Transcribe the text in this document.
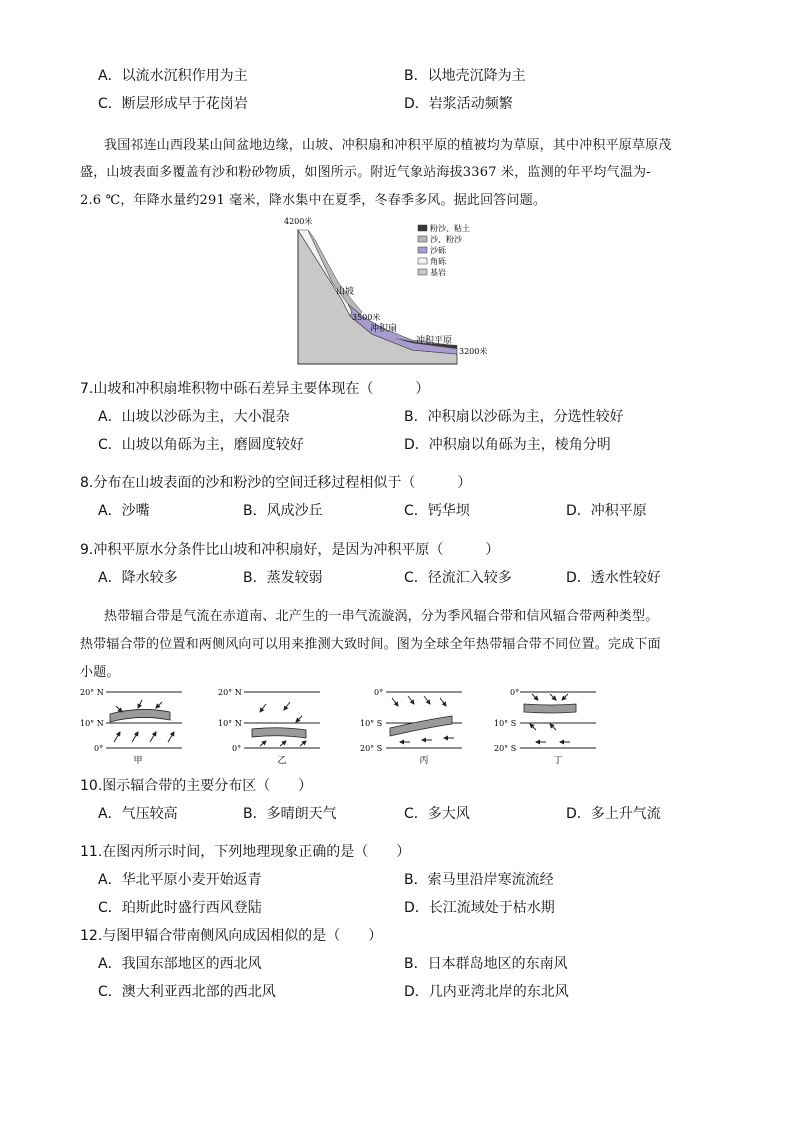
A．以流水沉积作用为主	B．以地壳沉降为主
C．断层形成早于花岗岩	D．岩浆活动频繁
我国祁连山西段某山间盆地边缘，山坡、冲积扇和冲积平原的植被均为草原，其中冲积平原草原茂
盛，山坡表面多覆盖有沙和粉砂物质，如图所示。附近气象站海拔3367 米，监测的年平均气温为-
2.6 ℃，年降水量约291 毫米，降水集中在夏季，冬春季多风。据此回答问题。
4200米
山坡
3500米
冲积扇
冲积平原
3200米
粉沙、粘土
沙、粉沙
沙砾
角砾
基岩
7.山坡和冲积扇堆积物中砾石差异主要体现在（　　　）
A．山坡以沙砾为主，大小混杂	B．冲积扇以沙砾为主，分选性较好
C．山坡以角砾为主，磨圆度较好	D．冲积扇以角砾为主，棱角分明
8.分布在山坡表面的沙和粉沙的空间迁移过程相似于（　　　）
A．沙嘴	B．风成沙丘	C．钙华坝	D．冲积平原
9.冲积平原水分条件比山坡和冲积扇好，是因为冲积平原（　　　）
A．降水较多	B．蒸发较弱	C．径流汇入较多	D．透水性较好
热带辐合带是气流在赤道南、北产生的一串气流漩涡，分为季风辐合带和信风辐合带两种类型。
热带辐合带的位置和两侧风向可以用来推测大致时间。图为全球全年热带辐合带不同位置。完成下面
小题。
20° N
10° N
0°
甲
20° N
10° N
0°
乙
0°
10° S
20° S
丙
0°
10° S
20° S
丁
10.图示辐合带的主要分布区（　　）
A．气压较高	B．多晴朗天气	C．多大风	D．多上升气流
11.在图丙所示时间，下列地理现象正确的是（　　）
A．华北平原小麦开始返青	B．索马里沿岸寒流流经
C．珀斯此时盛行西风登陆	D．长江流域处于枯水期
12.与图甲辐合带南侧风向成因相似的是（　　）
A．我国东部地区的西北风	B．日本群岛地区的东南风
C．澳大利亚西北部的西北风	D．几内亚湾北岸的东北风
